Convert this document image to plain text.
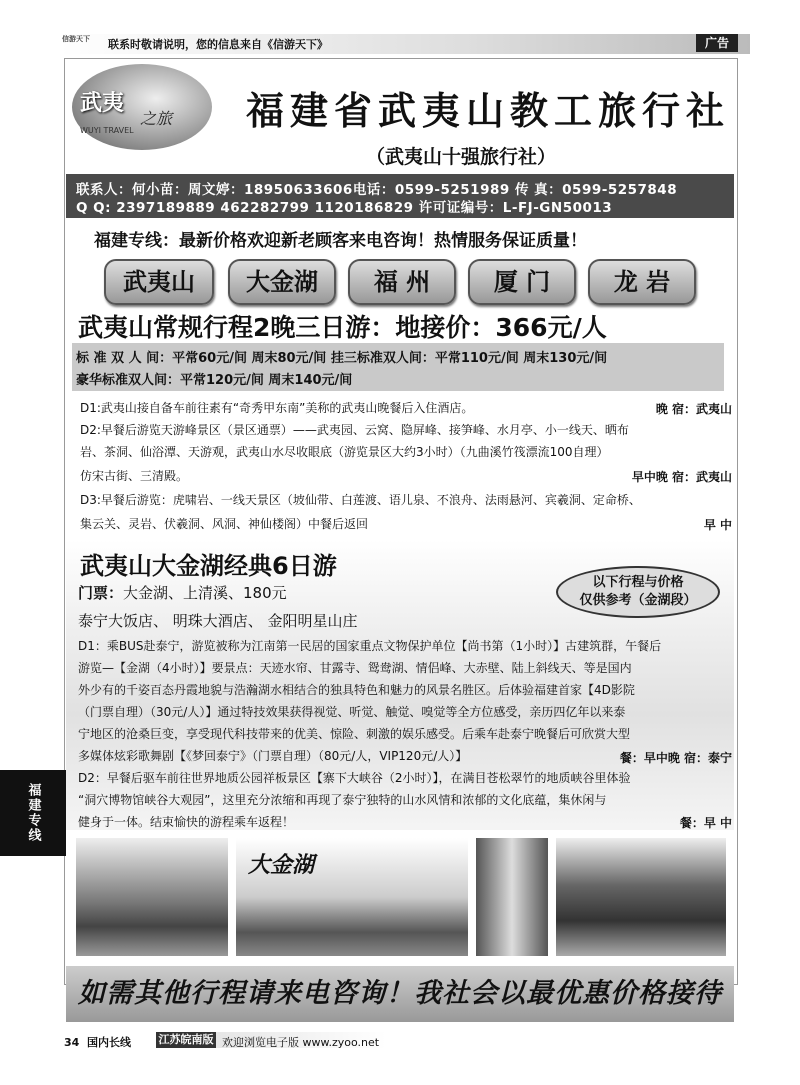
信游天下	联系时敬请说明，您的信息来自《信游天下》	广告
武夷
之旅
WUYI TRAVEL	福建省武夷山教工旅行社
（武夷山十强旅行社）
联系人：何小苗：周文婷：18950633606电话：0599-5251989 传 真：0599-5257848
Q Q: 2397189889 462282799 1120186829 许可证编号：L-FJ-GN50013
福建专线：最新价格欢迎新老顾客来电咨询！热情服务保证质量！
武夷山	大金湖	福 州	厦 门	龙 岩
武夷山常规行程2晚三日游：地接价：366元/人
标 准 双 人 间：平常60元/间 周末80元/间 挂三标准双人间：平常110元/间 周末130元/间
豪华标准双人间：平常120元/间 周末140元/间
D1:武夷山接自备车前往素有“奇秀甲东南”美称的武夷山晚餐后入住酒店。	晚 宿：武夷山
D2:早餐后游览天游峰景区（景区通票）——武夷园、云窝、隐屏峰、接笋峰、水月亭、小一线天、晒布
岩、茶洞、仙浴潭、天游观，武夷山水尽收眼底（游览景区大约3小时）（九曲溪竹筏漂流100自理）
仿宋古街、三清殿。	早中晚 宿：武夷山
D3:早餐后游览：虎啸岩、一线天景区（坡仙带、白莲渡、语儿泉、不浪舟、法雨悬河、宾羲洞、定命桥、
集云关、灵岩、伏羲洞、风洞、神仙楼阁）中餐后返回	早 中
武夷山大金湖经典6日游
门票：大金湖、上清溪、180元
泰宁大饭店、 明珠大酒店、 金阳明星山庄
以下行程与价格
仅供参考（金湖段）
D1：乘BUS赴泰宁，游览被称为江南第一民居的国家重点文物保护单位【尚书第（1小时）】古建筑群，午餐后
游览—【金湖（4小时）】要景点：天迹水帘、甘露寺、鸳鸯湖、情侣峰、大赤壁、陆上斜线天、等是国内
外少有的千姿百态丹霞地貌与浩瀚湖水相结合的独具特色和魅力的风景名胜区。后体验福建首家【4D影院
（门票自理）（30元/人）】通过特技效果获得视觉、听觉、触觉、嗅觉等全方位感受，亲历四亿年以来泰
宁地区的沧桑巨变，享受现代科技带来的优美、惊险、刺激的娱乐感受。后乘车赴泰宁晚餐后可欣赏大型
多媒体炫彩歌舞剧【《梦回泰宁》（门票自理）（80元/人，VIP120元/人）】	餐：早中晚 宿：泰宁
D2：早餐后驱车前往世界地质公园祥板景区【寨下大峡谷（2小时）】，在满目苍松翠竹的地质峡谷里体验
“洞穴博物馆峡谷大观园”，这里充分浓缩和再现了泰宁独特的山水风情和浓郁的文化底蕴，集休闲与
健身于一体。结束愉快的游程乘车返程！	餐：早 中
福建专线
大金湖
如需其他行程请来电咨询！我社会以最优惠价格接待
34 国内长线	江苏皖南版 欢迎浏览电子版 www.zyoo.net
